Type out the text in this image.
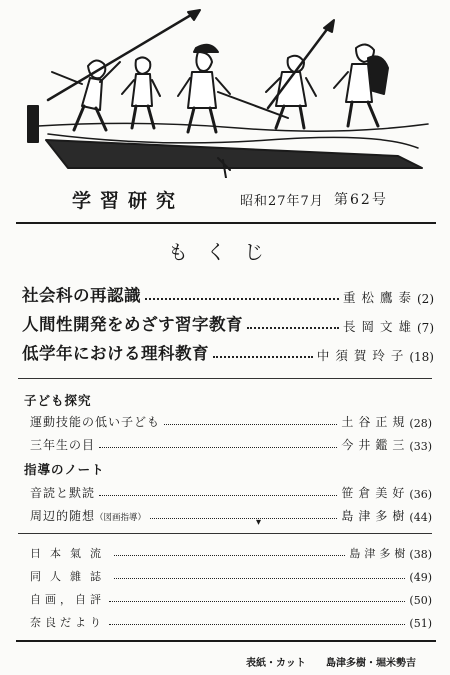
学習研究	昭和27年7月 第62号
もくじ
社会科の再認識	重松鷹泰 (2)
人間性開発をめざす習字教育	長岡文雄 (7)
低学年における理科教育	中須賀玲子 (18)
子ども探究
運動技能の低い子ども	土谷正規 (28)
三年生の目	今井鑑三 (33)
指導のノート
音読と默読	笹倉美好 (36)
周辺的随想（図画指導）	島津多樹 (44)
▾
日本氣流	島津多樹 (38)
同人雜誌	(49)
自画，自評	(50)
奈良だより	(51)
表紙・カット 島津多樹・堀米勢吉
